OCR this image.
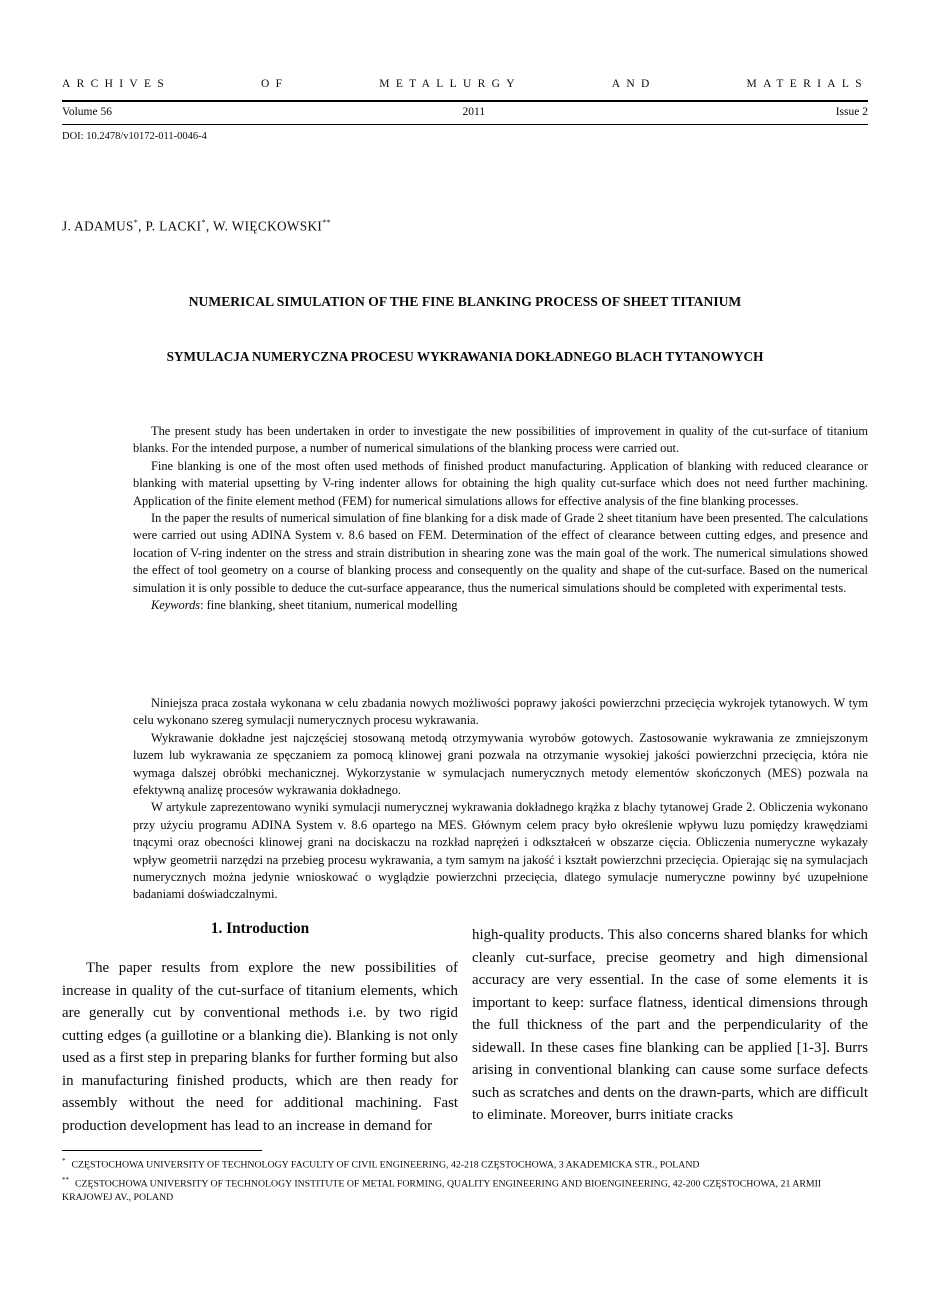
ARCHIVES	OF	METALLURGY	AND	MATERIALS
Volume 56	2011	Issue 2
DOI: 10.2478/v10172-011-0046-4
J. ADAMUS*, P. LACKI*, W. WIĘCKOWSKI**
NUMERICAL SIMULATION OF THE FINE BLANKING PROCESS OF SHEET TITANIUM
SYMULACJA NUMERYCZNA PROCESU WYKRAWANIA DOKŁADNEGO BLACH TYTANOWYCH

The present study has been undertaken in order to investigate the new possibilities of improvement in quality of the cut-surface of titanium blanks. For the intended purpose, a number of numerical simulations of the blanking process were carried out.

Fine blanking is one of the most often used methods of finished product manufacturing. Application of blanking with reduced clearance or blanking with material upsetting by V-ring indenter allows for obtaining the high quality cut-surface which does not need further machining. Application of the finite element method (FEM) for numerical simulations allows for effective analysis of the fine blanking processes.

In the paper the results of numerical simulation of fine blanking for a disk made of Grade 2 sheet titanium have been presented. The calculations were carried out using ADINA System v. 8.6 based on FEM. Determination of the effect of clearance between cutting edges, and presence and location of V-ring indenter on the stress and strain distribution in shearing zone was the main goal of the work. The numerical simulations showed the effect of tool geometry on a course of blanking process and consequently on the quality and shape of the cut-surface. Based on the numerical simulation it is only possible to deduce the cut-surface appearance, thus the numerical simulations should be completed with experimental tests.

Keywords: fine blanking, sheet titanium, numerical modelling

Niniejsza praca została wykonana w celu zbadania nowych możliwości poprawy jakości powierzchni przecięcia wykrojek tytanowych. W tym celu wykonano szereg symulacji numerycznych procesu wykrawania.

Wykrawanie dokładne jest najczęściej stosowaną metodą otrzymywania wyrobów gotowych. Zastosowanie wykrawania ze zmniejszonym luzem lub wykrawania ze spęczaniem za pomocą klinowej grani pozwala na otrzymanie wysokiej jakości powierzchni przecięcia, która nie wymaga dalszej obróbki mechanicznej. Wykorzystanie w symulacjach numerycznych metody elementów skończonych (MES) pozwala na efektywną analizę procesów wykrawania dokładnego.

W artykule zaprezentowano wyniki symulacji numerycznej wykrawania dokładnego krążka z blachy tytanowej Grade 2. Obliczenia wykonano przy użyciu programu ADINA System v. 8.6 opartego na MES. Głównym celem pracy było określenie wpływu luzu pomiędzy krawędziami tnącymi oraz obecności klinowej grani na dociskaczu na rozkład naprężeń i odkształceń w obszarze cięcia. Obliczenia numeryczne wykazały wpływ geometrii narzędzi na przebieg procesu wykrawania, a tym samym na jakość i kształt powierzchni przecięcia. Opierając się na symulacjach numerycznych można jedynie wnioskować o wyglądzie powierzchni przecięcia, dlatego symulacje numeryczne powinny być uzupełnione badaniami doświadczalnymi.

1. Introduction

The paper results from explore the new possibilities of increase in quality of the cut-surface of titanium elements, which are generally cut by conventional methods i.e. by two rigid cutting edges (a guillotine or a blanking die). Blanking is not only used as a first step in preparing blanks for further forming but also in manufacturing finished products, which are then ready for assembly without the need for additional machining. Fast production development has lead to an increase in demand for

high-quality products. This also concerns shared blanks for which cleanly cut-surface, precise geometry and high dimensional accuracy are very essential. In the case of some elements it is important to keep: surface flatness, identical dimensions through the full thickness of the part and the perpendicularity of the sidewall. In these cases fine blanking can be applied [1-3]. Burrs arising in conventional blanking can cause some surface defects such as scratches and dents on the drawn-parts, which are difficult to eliminate. Moreover, burrs initiate cracks

* CZĘSTOCHOWA UNIVERSITY OF TECHNOLOGY FACULTY OF CIVIL ENGINEERING, 42-218 CZĘSTOCHOWA, 3 AKADEMICKA STR., POLAND

** CZĘSTOCHOWA UNIVERSITY OF TECHNOLOGY INSTITUTE OF METAL FORMING, QUALITY ENGINEERING AND BIOENGINEERING, 42-200 CZĘSTOCHOWA, 21 ARMII KRAJOWEJ AV., POLAND
